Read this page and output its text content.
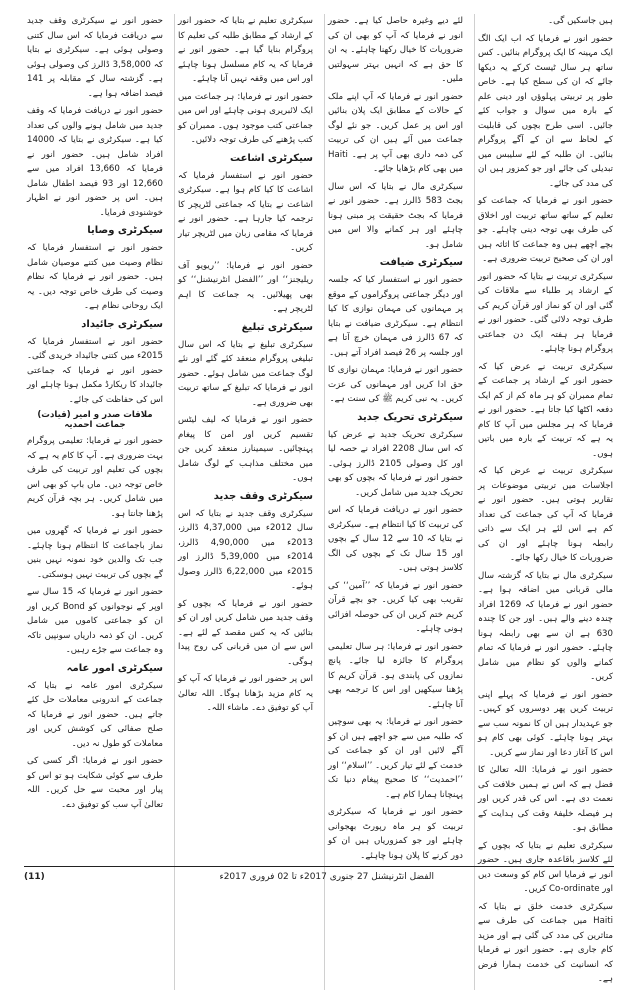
ہیں جاسکیں گی۔
حضور انور نے فرمایا کہ اب ایک الگ ایک مہینہ کا ایک پروگرام بنائیں۔ کس ساتھ ہر سال ٹیسٹ کرکے یہ دیکھا جائے کہ ان کی سطح کیا ہے۔ خاص طور پر تربیتی پہلوؤں اور دینی علم کے بارہ میں سوال و جواب کئے جائیں۔ اسی طرح بچوں کی قابلیت کے لحاظ سے ان کے آگے پروگرام بنائیں۔ ان طلبہ کے لئے سلیبس میں تبدیلی کی جائے اور جو کمزور ہیں ان کی مدد کی جائے۔
حضور انور نے فرمایا کہ جماعت کو تعلیم کے ساتھ ساتھ تربیت اور اخلاق کی طرف بھی توجہ دینی چاہئے۔ جو بچے اچھے ہیں وہ جماعت کا اثاثہ ہیں اور ان کی صحیح تربیت ضروری ہے۔
سیکرٹری تربیت نے بتایا کہ حضور انور کے ارشاد پر طلباء سے ملاقات کی گئی اور ان کو نماز اور قرآن کریم کی طرف توجہ دلائی گئی۔ حضور انور نے فرمایا ہر ہفتہ ایک دن جماعتی پروگرام ہونا چاہئے۔
سیکرٹری تربیت نے عرض کیا کہ حضور انور کے ارشاد پر جماعت کے تمام ممبران کو ہر ماہ کم از کم ایک دفعہ اکٹھا کیا جاتا ہے۔ حضور انور نے فرمایا کہ ہر مجلس میں آپ کا کام یہ ہے کہ تربیت کے بارہ میں باتیں ہوں۔
سیکرٹری تربیت نے عرض کیا کہ اجلاسات میں تربیتی موضوعات پر تقاریر ہوتی ہیں۔ حضور انور نے فرمایا کہ آپ کی جماعت کی تعداد کم ہے اس لئے ہر ایک سے ذاتی رابطہ ہونا چاہئے اور ان کی ضروریات کا خیال رکھا جائے۔
سیکرٹری مال نے بتایا کہ گزشتہ سال مالی قربانی میں اضافہ ہوا ہے۔ حضور انور نے فرمایا کہ 1269 افراد چندہ دینے والے ہیں۔ اور جن کا چندہ 630 ہے ان سے بھی رابطہ ہونا چاہئے۔ حضور انور نے فرمایا کہ تمام کمانے والوں کو نظام میں شامل کریں۔
حضور انور نے فرمایا کہ پہلے اپنی تربیت کریں پھر دوسروں کو کہیں۔ جو عہدیدار ہیں ان کا نمونہ سب سے بہتر ہونا چاہئے۔ کوئی بھی کام ہو اس کا آغاز دعا اور نماز سے کریں۔
حضور انور نے فرمایا: اللہ تعالیٰ کا فضل ہے کہ اس نے ہمیں خلافت کی نعمت دی ہے۔ اس کی قدر کریں اور ہر فیصلہ خلیفۂ وقت کی ہدایت کے مطابق ہو۔
سیکرٹری تعلیم نے بتایا کہ بچوں کے لئے کلاسز باقاعدہ جاری ہیں۔ حضور انور نے فرمایا اس کام کو وسعت دیں اور Co-ordinate کریں۔
سیکرٹری خدمت خلق نے بتایا کہ Haiti میں جماعت کی طرف سے متاثرین کی مدد کی گئی ہے اور مزید کام جاری ہے۔ حضور انور نے فرمایا کہ انسانیت کی خدمت ہمارا فرض ہے۔
لئے دیے وغیرہ حاصل کیا ہے۔ حضور انور نے فرمایا کہ آپ کو بھی ان کی ضروریات کا خیال رکھنا چاہئے۔ یہ ان کا حق ہے کہ انہیں بہتر سہولتیں ملیں۔
حضور انور نے فرمایا کہ آپ اپنے ملک کے حالات کے مطابق ایک پلان بنائیں اور اس پر عمل کریں۔ جو نئے لوگ جماعت میں آئے ہیں ان کی تربیت کی ذمہ داری بھی آپ پر ہے۔ Haiti میں بھی کام بڑھایا جائے۔
سیکرٹری مال نے بتایا کہ اس سال بجٹ 583 ڈالرز ہے۔ حضور انور نے فرمایا کہ بجٹ حقیقت پر مبنی ہونا چاہئے اور ہر کمانے والا اس میں شامل ہو۔
سیکرٹری ضیافت
حضور انور نے استفسار کیا کہ جلسہ اور دیگر جماعتی پروگراموں کے موقع پر مہمانوں کی مہمان نوازی کا کیا انتظام ہے۔ سیکرٹری ضیافت نے بتایا کہ 67 ڈالرز فی مہمان خرچ آتا ہے اور جلسہ پر 26 فیصد افراد آتے ہیں۔
حضور انور نے فرمایا: مہمان نوازی کا حق ادا کریں اور مہمانوں کی عزت کریں۔ یہ نبی کریم ﷺ کی سنت ہے۔
سیکرٹری تحریک جدید
سیکرٹری تحریک جدید نے عرض کیا کہ اس سال 2208 افراد نے حصہ لیا اور کل وصولی 2105 ڈالرز ہوئی۔ حضور انور نے فرمایا کہ بچوں کو بھی تحریک جدید میں شامل کریں۔
حضور انور نے دریافت فرمایا کہ اس کی تربیت کا کیا انتظام ہے۔ سیکرٹری نے بتایا کہ 10 سے 12 سال کے بچوں اور 15 سال تک کے بچوں کی الگ کلاسز ہوتی ہیں۔
حضور انور نے فرمایا کہ ’’آمین‘‘ کی تقریب بھی کیا کریں۔ جو بچے قرآن کریم ختم کریں ان کی حوصلہ افزائی ہونی چاہئے۔
حضور انور نے فرمایا: ہر سال تعلیمی پروگرام کا جائزہ لیا جائے۔ پانچ نمازوں کی پابندی ہو۔ قرآن کریم کا پڑھنا سیکھیں اور اس کا ترجمہ بھی آنا چاہئے۔
حضور انور نے فرمایا: یہ بھی سوچیں کہ طلبہ میں سے جو اچھے ہیں ان کو آگے لائیں اور ان کو جماعت کی خدمت کے لئے تیار کریں۔ ’’اسلام‘‘ اور ’’احمدیت‘‘ کا صحیح پیغام دنیا تک پہنچانا ہمارا کام ہے۔
حضور انور نے فرمایا کہ سیکرٹری تربیت کو ہر ماہ رپورٹ بھجوانی چاہئے اور جو کمزوریاں ہیں ان کو دور کرنے کا پلان ہونا چاہئے۔
سیکرٹری تعلیم نے بتایا کہ حضور انور کے ارشاد کے مطابق طلبہ کی تعلیم کا پروگرام بنایا گیا ہے۔ حضور انور نے فرمایا کہ یہ کام مسلسل ہونا چاہئے اور اس میں وقفہ نہیں آنا چاہئے۔
حضور انور نے فرمایا: ہر جماعت میں ایک لائبریری ہونی چاہئے اور اس میں جماعتی کتب موجود ہوں۔ ممبران کو کتب پڑھنے کی طرف توجہ دلائیں۔
سیکرٹری اشاعت
حضور انور نے استفسار فرمایا کہ اشاعت کا کیا کام ہوا ہے۔ سیکرٹری اشاعت نے بتایا کہ جماعتی لٹریچر کا ترجمہ کیا جارہا ہے۔ حضور انور نے فرمایا کہ مقامی زبان میں لٹریچر تیار کریں۔
حضور انور نے فرمایا: ’’ریویو آف ریلیجنز‘‘ اور ’’الفضل انٹرنیشنل‘‘ کو بھی پھیلائیں۔ یہ جماعت کا اہم لٹریچر ہے۔
سیکرٹری تبلیغ
سیکرٹری تبلیغ نے بتایا کہ اس سال تبلیغی پروگرام منعقد کئے گئے اور نئے لوگ جماعت میں شامل ہوئے۔ حضور انور نے فرمایا کہ تبلیغ کے ساتھ تربیت بھی ضروری ہے۔
حضور انور نے فرمایا کہ لیف لیٹس تقسیم کریں اور امن کا پیغام پہنچائیں۔ سیمینارز منعقد کریں جن میں مختلف مذاہب کے لوگ شامل ہوں۔
سیکرٹری وقف جدید
سیکرٹری وقف جدید نے بتایا کہ اس سال 2012ء میں 4,37,000 ڈالرز، 2013ء میں 4,90,000 ڈالرز، 2014ء میں 5,39,000 ڈالرز اور 2015ء میں 6,22,000 ڈالرز وصول ہوئے۔
حضور انور نے فرمایا کہ بچوں کو وقف جدید میں شامل کریں اور ان کو بتائیں کہ یہ کس مقصد کے لئے ہے۔ اس سے ان میں قربانی کی روح پیدا ہوگی۔
اس پر حضور انور نے فرمایا کہ آپ کو یہ کام مزید بڑھانا ہوگا۔ اللہ تعالیٰ آپ کو توفیق دے۔ ماشاء اللہ۔
حضور انور نے سیکرٹری وقف جدید سے دریافت فرمایا کہ اس سال کتنی وصولی ہوئی ہے۔ سیکرٹری نے بتایا کہ 3,58,000 ڈالرز کی وصولی ہوئی ہے۔ گزشتہ سال کے مقابلہ پر 141 فیصد اضافہ ہوا ہے۔
حضور انور نے دریافت فرمایا کہ وقف جدید میں شامل ہونے والوں کی تعداد کیا ہے۔ سیکرٹری نے بتایا کہ 14000 افراد شامل ہیں۔ حضور انور نے فرمایا کہ 13,660 افراد میں سے 12,660 اور 93 فیصد اطفال شامل ہیں۔ اس پر حضور انور نے اظہار خوشنودی فرمایا۔
سیکرٹری وصایا
حضور انور نے استفسار فرمایا کہ نظام وصیت میں کتنے موصیان شامل ہیں۔ حضور انور نے فرمایا کہ نظام وصیت کی طرف خاص توجہ دیں۔ یہ ایک روحانی نظام ہے۔
سیکرٹری جائیداد
حضور انور نے استفسار فرمایا کہ 2015ء میں کتنی جائیداد خریدی گئی۔ حضور انور نے فرمایا کہ جماعتی جائیداد کا ریکارڈ مکمل ہونا چاہئے اور اس کی حفاظت کی جائے۔
ملاقات صدر و امیر (قیادت) جماعت احمدیہ
حضور انور نے فرمایا: تعلیمی پروگرام بہت ضروری ہے۔ آپ کا کام یہ ہے کہ بچوں کی تعلیم اور تربیت کی طرف خاص توجہ دیں۔ ماں باپ کو بھی اس میں شامل کریں۔ ہر بچہ قرآن کریم پڑھنا جانتا ہو۔
حضور انور نے فرمایا کہ گھروں میں نماز باجماعت کا انتظام ہونا چاہئے۔ جب تک والدین خود نمونہ نہیں بنیں گے بچوں کی تربیت نہیں ہوسکتی۔
حضور انور نے فرمایا کہ 15 سال سے اوپر کے نوجوانوں کو Bond کریں اور ان کو جماعتی کاموں میں شامل کریں۔ ان کو ذمہ داریاں سونپیں تاکہ وہ جماعت سے جڑے رہیں۔
سیکرٹری امور عامہ
سیکرٹری امور عامہ نے بتایا کہ جماعت کے اندرونی معاملات حل کئے جاتے ہیں۔ حضور انور نے فرمایا کہ صلح صفائی کی کوشش کریں اور معاملات کو طول نہ دیں۔
حضور انور نے فرمایا: اگر کسی کی طرف سے کوئی شکایت ہو تو اس کو پیار اور محبت سے حل کریں۔ اللہ تعالیٰ آپ سب کو توفیق دے۔
الفضل انٹرنیشنل 27 جنوری 2017ء تا 02 فروری 2017ء
(11)
